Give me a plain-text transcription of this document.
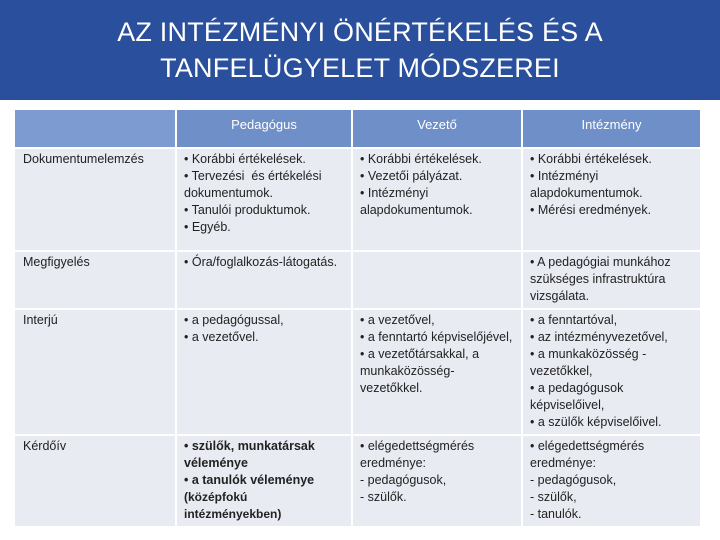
AZ INTÉZMÉNYI ÖNÉRTÉKELÉS ÉS A
TANFELÜGYELET MÓDSZEREI
	Pedagógus	Vezető	Intézmény
Dokumentumelemzés	• Korábbi értékelések.
• Tervezési  és értékelési dokumentumok.
• Tanulói produktumok.
• Egyéb.	• Korábbi értékelések.
• Vezetői pályázat.
• Intézményi alapdokumentumok.	• Korábbi értékelések.
• Intézményi alapdokumentumok.
• Mérési eredmények.

Megfigyelés	• Óra/foglalkozás-látogatás.		• A pedagógiai munkához szükséges infrastruktúra vizsgálata.

Interjú	• a pedagógussal,
• a vezetővel.	• a vezetővel,
• a fenntartó képviselőjével,
• a vezetőtársakkal, a munkaközösség-vezetőkkel.	• a fenntartóval,
• az intézményvezetővel,
• a munkaközösség - vezetőkkel,
• a pedagógusok képviselőivel,
• a szülők képviselőivel.

Kérdőív	• szülők, munkatársak véleménye
• a tanulók véleménye
(középfokú intézményekben)	• elégedettségmérés eredménye:
- pedagógusok,
- szülők.	• elégedettségmérés eredménye:
- pedagógusok,
- szülők,
- tanulók.
